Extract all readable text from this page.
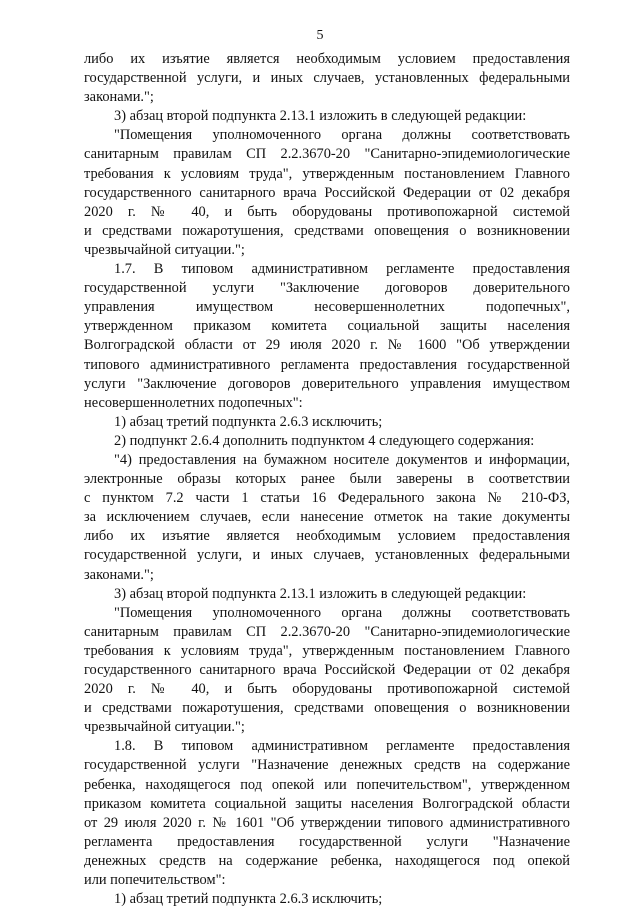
5
либо их изъятие является необходимым условием предоставления
государственной услуги, и иных случаев, установленных федеральными
законами.";
3) абзац второй подпункта 2.13.1 изложить в следующей редакции:
"Помещения уполномоченного органа должны соответствовать
санитарным правилам СП 2.2.3670-20 "Санитарно-эпидемиологические
требования к условиям труда", утвержденным постановлением Главного
государственного санитарного врача Российской Федерации от 02 декабря
2020 г. № 40, и быть оборудованы противопожарной системой
и средствами пожаротушения, средствами оповещения о возникновении
чрезвычайной ситуации.";
1.7. В типовом административном регламенте предоставления
государственной услуги "Заключение договоров доверительного
управления имуществом несовершеннолетних подопечных",
утвержденном приказом комитета социальной защиты населения
Волгоградской области от 29 июля 2020 г. № 1600 "Об утверждении
типового административного регламента предоставления государственной
услуги "Заключение договоров доверительного управления имуществом
несовершеннолетних подопечных":
1) абзац третий подпункта 2.6.3 исключить;
2) подпункт 2.6.4 дополнить подпунктом 4 следующего содержания:
"4) предоставления на бумажном носителе документов и информации,
электронные образы которых ранее были заверены в соответствии
с пунктом 7.2 части 1 статьи 16 Федерального закона № 210-ФЗ,
за исключением случаев, если нанесение отметок на такие документы
либо их изъятие является необходимым условием предоставления
государственной услуги, и иных случаев, установленных федеральными
законами.";
3) абзац второй подпункта 2.13.1 изложить в следующей редакции:
"Помещения уполномоченного органа должны соответствовать
санитарным правилам СП 2.2.3670-20 "Санитарно-эпидемиологические
требования к условиям труда", утвержденным постановлением Главного
государственного санитарного врача Российской Федерации от 02 декабря
2020 г. № 40, и быть оборудованы противопожарной системой
и средствами пожаротушения, средствами оповещения о возникновении
чрезвычайной ситуации.";
1.8. В типовом административном регламенте предоставления
государственной услуги "Назначение денежных средств на содержание
ребенка, находящегося под опекой или попечительством", утвержденном
приказом комитета социальной защиты населения Волгоградской области
от 29 июля 2020 г. № 1601 "Об утверждении типового административного
регламента предоставления государственной услуги "Назначение
денежных средств на содержание ребенка, находящегося под опекой
или попечительством":
1) абзац третий подпункта 2.6.3 исключить;
